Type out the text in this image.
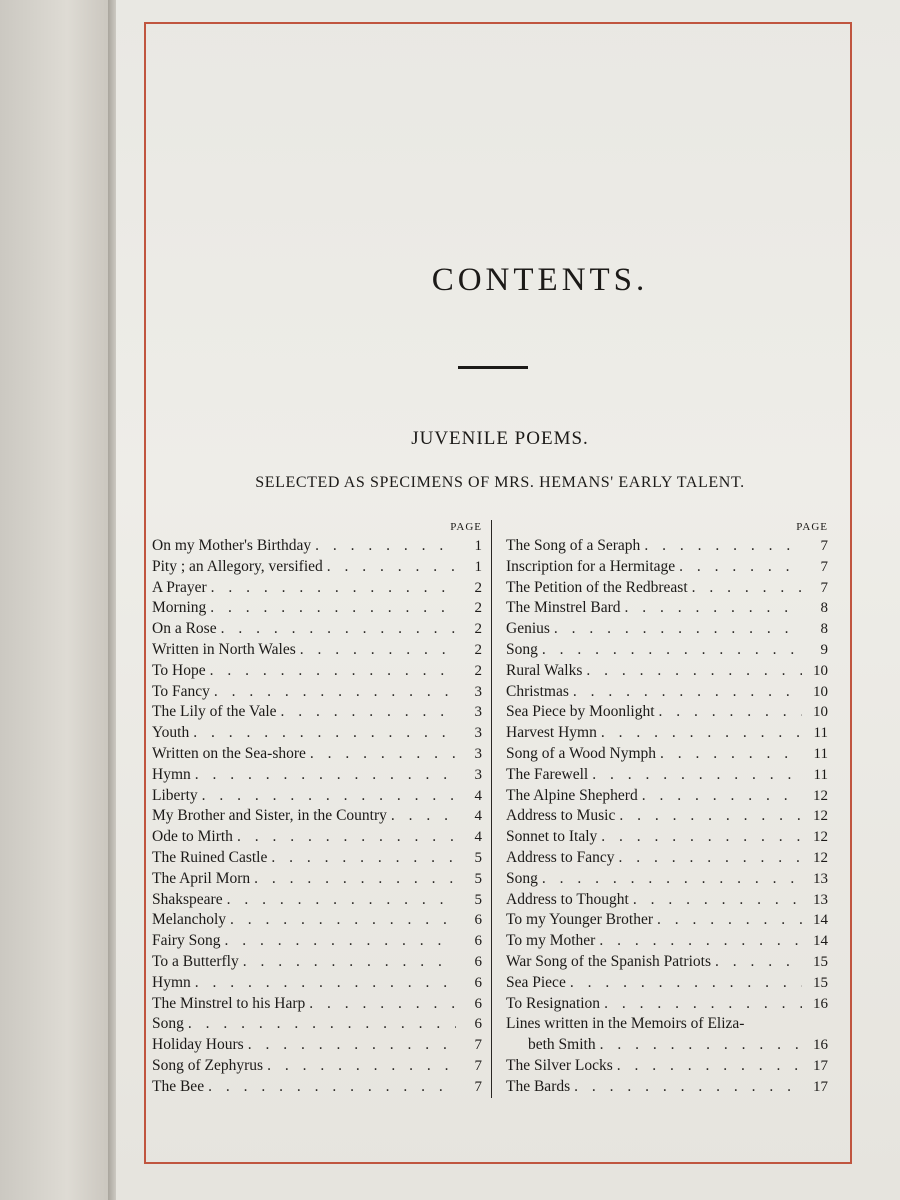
CONTENTS.
JUVENILE POEMS.
SELECTED AS SPECIMENS OF MRS. HEMANS' EARLY TALENT.
PAGE
On my Mother's Birthday . . .	1
Pity ; an Allegory, versified . . .	1
A Prayer . . .	2
Morning . . .	2
On a Rose . . .	2
Written in North Wales . . .	2
To Hope . . .	2
To Fancy . . .	3
The Lily of the Vale . . .	3
Youth . . .	3
Written on the Sea-shore . . .	3
Hymn . . .	3
Liberty . . .	4
My Brother and Sister, in the Country . . .	4
Ode to Mirth . . .	4
The Ruined Castle . . .	5
The April Morn . . .	5
Shakspeare . . .	5
Melancholy . . .	6
Fairy Song . . .	6
To a Butterfly . . .	6
Hymn . . .	6
The Minstrel to his Harp . . .	6
Song . . .	6
Holiday Hours . . .	7
Song of Zephyrus . . .	7
The Bee . . .	7
PAGE
The Song of a Seraph . . .	7
Inscription for a Hermitage . . .	7
The Petition of the Redbreast . . .	7
The Minstrel Bard . . .	8
Genius . . .	8
Song . . .	9
Rural Walks . . .	10
Christmas . . .	10
Sea Piece by Moonlight . . .	10
Harvest Hymn . . .	11
Song of a Wood Nymph . . .	11
The Farewell . . .	11
The Alpine Shepherd . . .	12
Address to Music . . .	12
Sonnet to Italy . . .	12
Address to Fancy . . .	12
Song . . .	13
Address to Thought . . .	13
To my Younger Brother . . .	14
To my Mother . . .	14
War Song of the Spanish Patriots . . .	15
Sea Piece . . .	15
To Resignation . . .	16
Lines written in the Memoirs of Eliza-
beth Smith . . .	16
The Silver Locks . . .	17
The Bards . . .	17
